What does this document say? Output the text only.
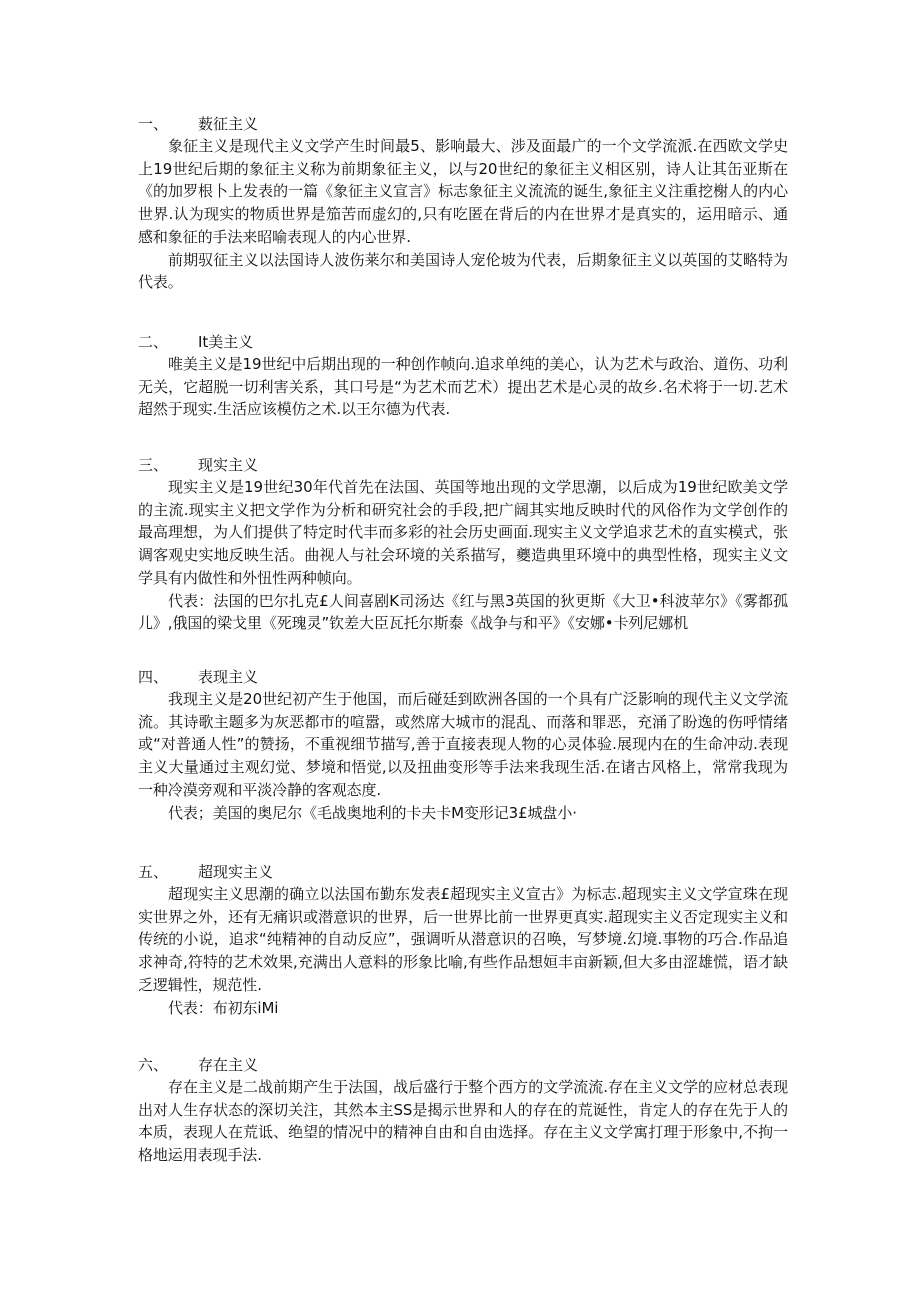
一、 薮征主义

象征主义是现代主义文学产生时间最5、影响最大、涉及面最广的一个文学流派.在西欧文学史上19世纪后期的象征主义称为前期象征主义，以与20世纪的象征主义相区别，诗人让其缶亚斯在《的加罗根卜上发表的一篇《象征主义宣言》标志象征主义流流的诞生,象征主义注重挖榭人的内心世界.认为现实的物质世界是笳苦而虚幻的,只有吃匿在背后的内在世界才是真实的，运用暗示、通感和象征的手法来昭喻表现人的内心世界.

前期驭征主义以法国诗人波伤莱尔和美国诗人宠伦坡为代表，后期象征主义以英国的艾略特为代表。

二、 It美主义

唯美主义是19世纪中后期出现的一种创作帧向.追求单纯的美心，认为艺术与政治、道伤、功利无关，它超脱一切利害关系，其口号是“为艺术而艺术）提出艺术是心灵的故乡.名术将于一切.艺术超然于现实.生活应该模仿之术.以王尔德为代表.

三、 现实主义

现实主义是19世纪30年代首先在法国、英国等地出现的文学思潮，以后成为19世纪欧美文学的主流.现实主义把文学作为分析和研究社会的手段,把广阔其实地反映时代的风俗作为文学创作的最高理想，为人们提供了特定时代丰而多彩的社会历史画面.现实主义文学追求艺术的直实模式，张调客观史实地反映生活。曲视人与社会环境的关系描写，夔造典里环境中的典型性格，现实主义文学具有内做性和外忸性两种帧向。

代表：法国的巴尔扎克£人间喜剧K司汤达《红与黑3英国的狄更斯《大卫•科波苹尔》《雾都孤儿》,俄国的梁戈里《死瑰灵”钦差大臣瓦托尔斯泰《战争与和平》《安娜•卡列尼娜机

四、 表现主义

我现主义是20世纪初产生于他国，而后碰廷到欧洲各国的一个具有广泛影响的现代主义文学流流。其诗歌主题多为灰恶都市的喧嚣，或然席大城市的混乱、而落和罪恶，充涌了盼逸的伤呼情绪或“对普通人性”的赞扬，不重视细节描写,善于直接表现人物的心灵体验.展现内在的生命冲动.表现主义大量通过主观幻觉、梦境和悟觉,以及扭曲变形等手法来我现生活.在诸古风格上，常常我现为一种冷漠旁观和平淡冷静的客观态度.

代表；美国的奥尼尔《毛战奥地利的卡夫卡M变形记3£城盘小·

五、 超现实主义

超现实主义思潮的确立以法国布勤东发表£超现实主义宣古》为标志.超现实主义文学宣珠在现实世界之外，还有无痛识或潜意识的世界，后一世界比前一世界更真实.超现实主义否定现实主义和传统的小说，追求“纯精神的自动反应”，强调听从潜意识的召唤，写梦境.幻境.事物的巧合.作品追求神奇,符特的艺术效果,充满出人意料的形象比喻,有些作品想姮丰亩新颖,但大多由涩雄慌，语才缺乏逻辑性，规范性.

代表：布初东iMi

六、 存在主义

存在主义是二战前期产生于法国，战后盛行于整个西方的文学流流.存在主义文学的应材总表现出对人生存状态的深切关注，其然本主SS是揭示世界和人的存在的荒诞性，肯定人的存在先于人的本质，表现人在荒诋、绝望的情况中的精神自由和自由选择。存在主义文学寓打理于形象中,不拘一格地运用表现手法.
